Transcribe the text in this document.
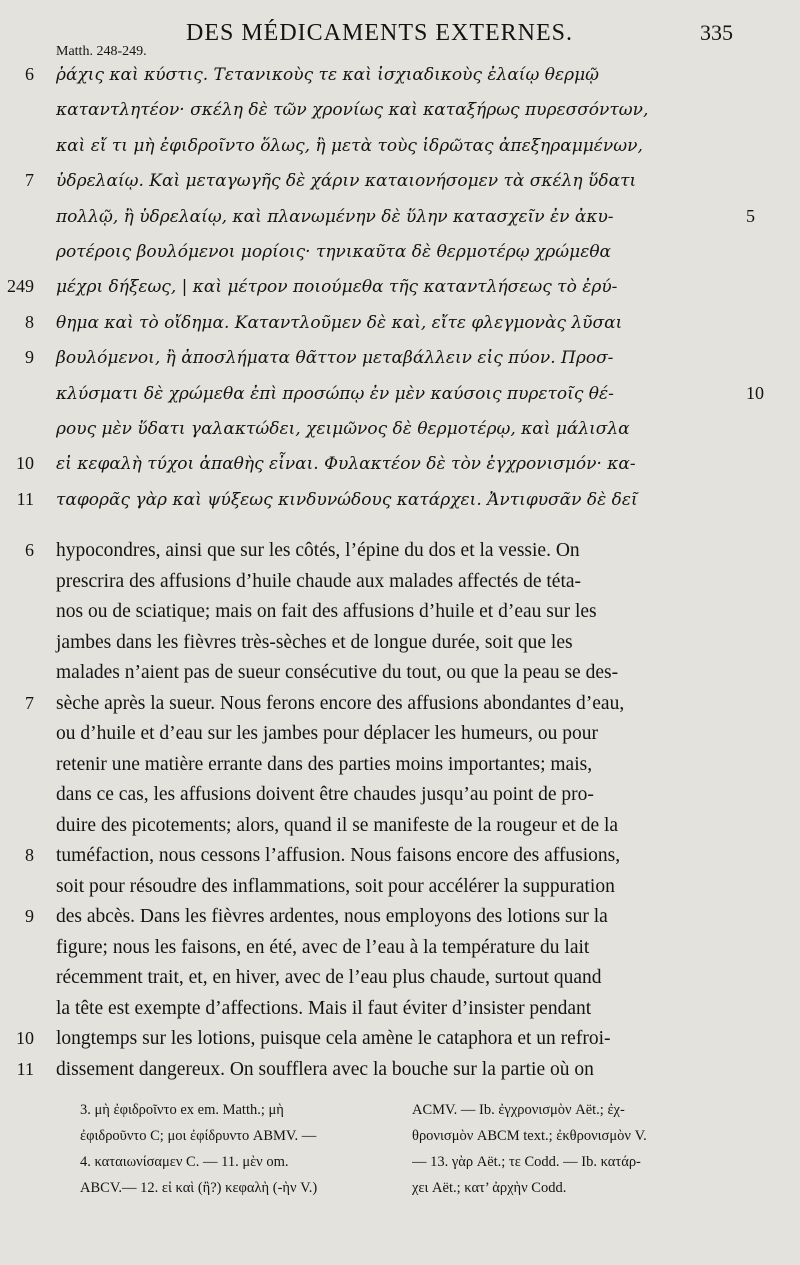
DES MÉDICAMENTS EXTERNES.	335
Matth. 248-249.
ῥάχις καὶ κύστις. Τετανικοὺς τε καὶ ἰσχιαδικοὺς ἐλαίῳ θερμῷ
6
καταντλητέον· σκέλη δὲ τῶν χρονίως καὶ καταξήρως πυρεσσόντων,
καὶ εἴ τι μὴ ἐφιδροῖντο ὅλως, ἢ μετὰ τοὺς ἱδρῶτας ἀπεξηραμμένων,
ὑδρελαίῳ. Καὶ μεταγωγῆς δὲ χάριν καταιονήσομεν τὰ σκέλη ὕδατι
7
πολλῷ, ἢ ὑδρελαίῳ, καὶ πλανωμένην δὲ ὕλην κατασχεῖν ἐν ἀκυ-	5
ροτέροις βουλόμενοι μορίοις· τηνικαῦτα δὲ θερμοτέρῳ χρώμεθα
μέχρι δήξεως, | καὶ μέτρον ποιούμεθα τῆς καταντλήσεως τὸ ἐρύ-
249
θημα καὶ τὸ οἴδημα. Καταντλοῦμεν δὲ καὶ, εἴτε φλεγμονὰς λῦσαι
8
βουλόμενοι, ἢ ἀποσλήματα θᾶττον μεταβάλλειν εἰς πύον. Προσ-
9
κλύσματι δὲ χρώμεθα ἐπὶ προσώπῳ ἐν μὲν καύσοις πυρετοῖς θέ-	10
ρους μὲν ὕδατι γαλακτώδει, χειμῶνος δὲ θερμοτέρῳ, καὶ μάλισλα
εἰ κεφαλὴ τύχοι ἀπαθὴς εἶναι. Φυλακτέον δὲ τὸν ἐγχρονισμόν· κα-
10
ταφορᾶς γὰρ καὶ ψύξεως κινδυνώδους κατάρχει. Ἀντιφυσᾶν δὲ δεῖ
11
hypocondres, ainsi que sur les côtés, l’épine du dos et la vessie. On
6
prescrira des affusions d’huile chaude aux malades affectés de téta-
nos ou de sciatique; mais on fait des affusions d’huile et d’eau sur les
jambes dans les fièvres très-sèches et de longue durée, soit que les
malades n’aient pas de sueur consécutive du tout, ou que la peau se des-
sèche après la sueur. Nous ferons encore des affusions abondantes d’eau,
7
ou d’huile et d’eau sur les jambes pour déplacer les humeurs, ou pour
retenir une matière errante dans des parties moins importantes; mais,
dans ce cas, les affusions doivent être chaudes jusqu’au point de pro-
duire des picotements; alors, quand il se manifeste de la rougeur et de la
tuméfaction, nous cessons l’affusion. Nous faisons encore des affusions,
8
soit pour résoudre des inflammations, soit pour accélérer la suppuration
des abcès. Dans les fièvres ardentes, nous employons des lotions sur la
9
figure; nous les faisons, en été, avec de l’eau à la température du lait
récemment trait, et, en hiver, avec de l’eau plus chaude, surtout quand
la tête est exempte d’affections. Mais il faut éviter d’insister pendant
longtemps sur les lotions, puisque cela amène le cataphora et un refroi-
10
dissement dangereux. On soufflera avec la bouche sur la partie où on
11
3. μὴ ἐφιδροῖντο ex em. Matth.; μὴ
ἐφιδροῦντο C; μοι ἐφίδρυντο ABMV. —
4. καταιωνίσαμεν C. — 11. μὲν om.
ABCV.— 12. εἰ καὶ (ἢ?) κεφαλὴ (-ὴν V.)
ACMV. — Ib. ἐγχρονισμὸν Aët.; ἐχ-
θρονισμὸν ABCM text.; ἐκθρονισμὸν V.
— 13. γὰρ Aët.; τε Codd. — Ib. κατάρ-
χει Aët.; κατ’ ἀρχὴν Codd.
